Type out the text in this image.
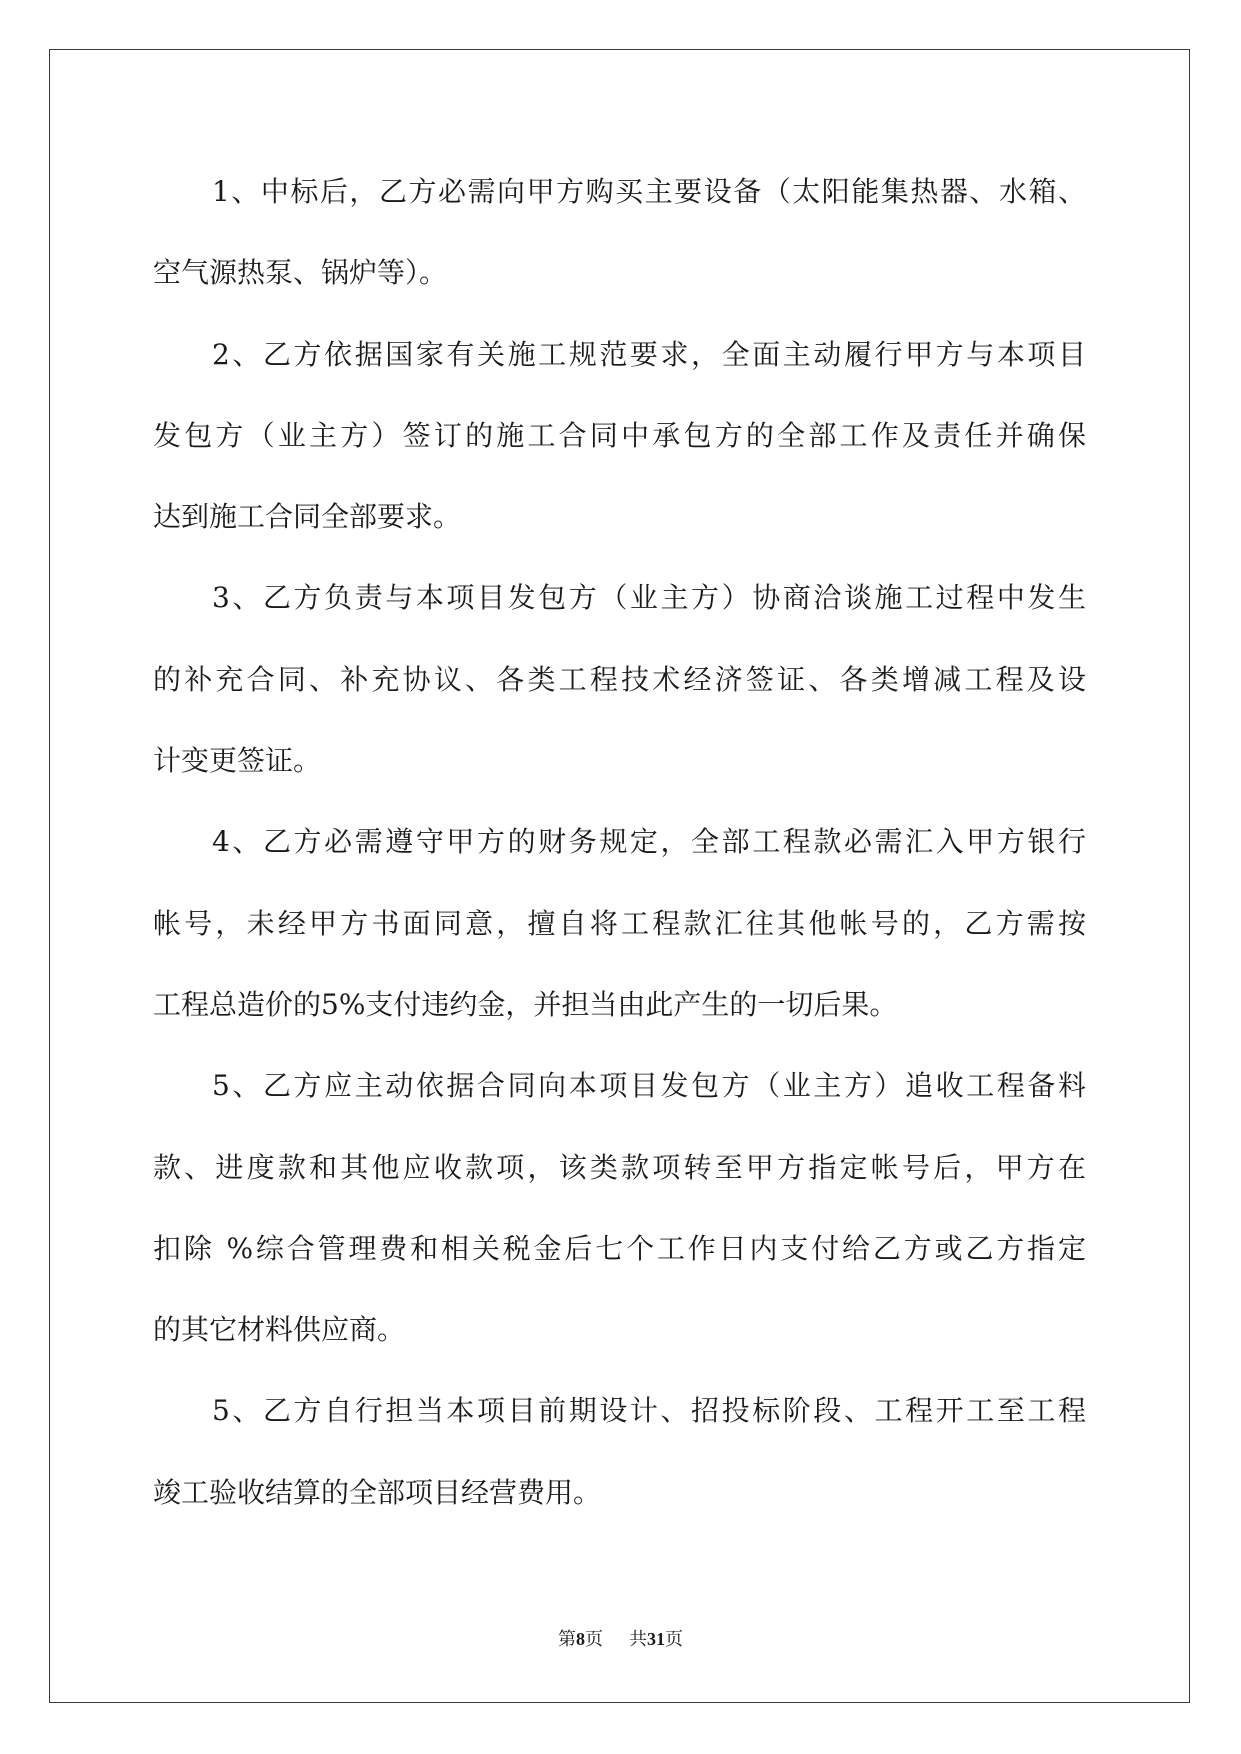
1、中标后，乙方必需向甲方购买主要设备（太阳能集热器、水箱、
空气源热泵、锅炉等）。
2、乙方依据国家有关施工规范要求，全面主动履行甲方与本项目
发包方（业主方）签订的施工合同中承包方的全部工作及责任并确保
达到施工合同全部要求。
3、乙方负责与本项目发包方（业主方）协商洽谈施工过程中发生
的补充合同、补充协议、各类工程技术经济签证、各类增减工程及设
计变更签证。
4、乙方必需遵守甲方的财务规定，全部工程款必需汇入甲方银行
帐号，未经甲方书面同意，擅自将工程款汇往其他帐号的，乙方需按
工程总造价的5%支付违约金，并担当由此产生的一切后果。
5、乙方应主动依据合同向本项目发包方（业主方）追收工程备料
款、进度款和其他应收款项，该类款项转至甲方指定帐号后，甲方在
扣除 %综合管理费和相关税金后七个工作日内支付给乙方或乙方指定
的其它材料供应商。
5、乙方自行担当本项目前期设计、招投标阶段、工程开工至工程
竣工验收结算的全部项目经营费用。
第8页 共31页
